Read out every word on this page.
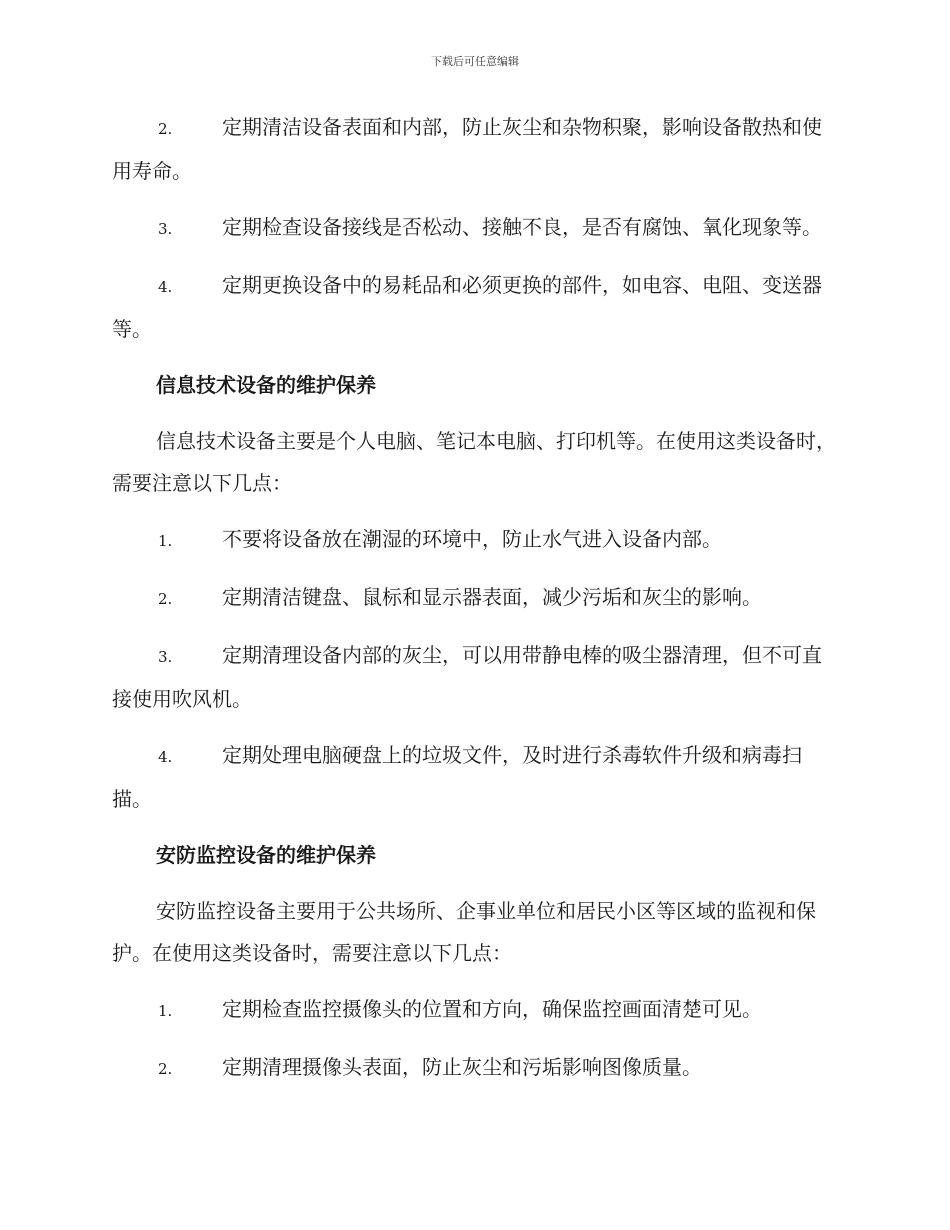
下载后可任意编辑
2. 定期清洁设备表面和内部，防止灰尘和杂物积聚，影响设备散热和使用寿命。
3. 定期检查设备接线是否松动、接触不良，是否有腐蚀、氧化现象等。
4. 定期更换设备中的易耗品和必须更换的部件，如电容、电阻、变送器等。
信息技术设备的维护保养
信息技术设备主要是个人电脑、笔记本电脑、打印机等。在使用这类设备时，需要注意以下几点：
1. 不要将设备放在潮湿的环境中，防止水气进入设备内部。
2. 定期清洁键盘、鼠标和显示器表面，减少污垢和灰尘的影响。
3. 定期清理设备内部的灰尘，可以用带静电棒的吸尘器清理，但不可直接使用吹风机。
4. 定期处理电脑硬盘上的垃圾文件，及时进行杀毒软件升级和病毒扫描。
安防监控设备的维护保养
安防监控设备主要用于公共场所、企事业单位和居民小区等区域的监视和保护。在使用这类设备时，需要注意以下几点：
1. 定期检查监控摄像头的位置和方向，确保监控画面清楚可见。
2. 定期清理摄像头表面，防止灰尘和污垢影响图像质量。
